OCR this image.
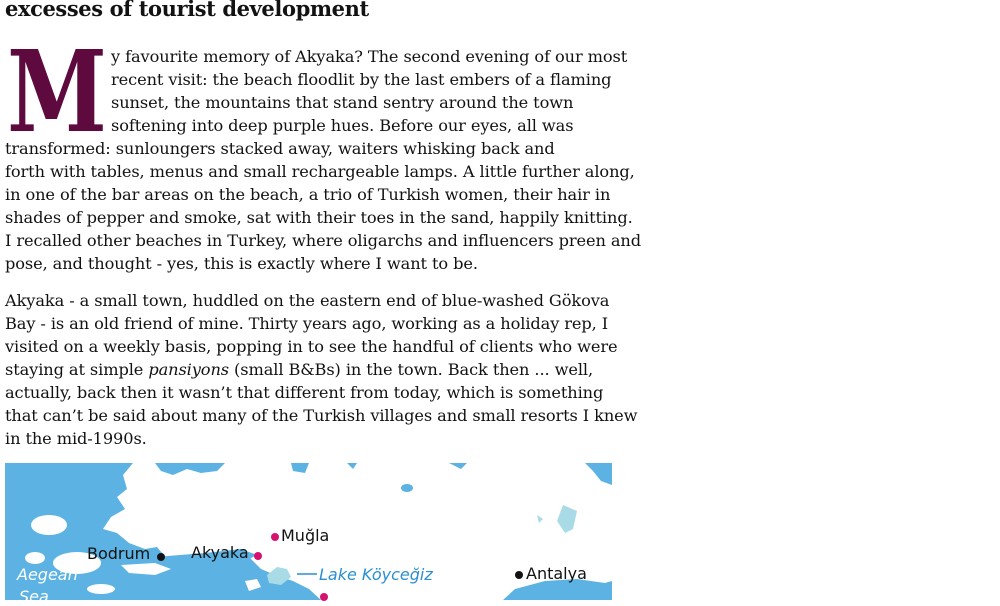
excesses of tourist development
M y favourite memory of Akyaka? The second evening of our most
recent visit: the beach floodlit by the last embers of a flaming
sunset, the mountains that stand sentry around the town
softening into deep purple hues. Before our eyes, all was
transformed: sunloungers stacked away, waiters whisking back and
forth with tables, menus and small rechargeable lamps. A little further along,
in one of the bar areas on the beach, a trio of Turkish women, their hair in
shades of pepper and smoke, sat with their toes in the sand, happily knitting.
I recalled other beaches in Turkey, where oligarchs and influencers preen and
pose, and thought - yes, this is exactly where I want to be.
Akyaka - a small town, huddled on the eastern end of blue-washed Gökova
Bay - is an old friend of mine. Thirty years ago, working as a holiday rep, I
visited on a weekly basis, popping in to see the handful of clients who were
staying at simple pansiyons (small B&Bs) in the town. Back then ... well,
actually, back then it wasn’t that different from today, which is something
that can’t be said about many of the Turkish villages and small resorts I knew
in the mid-1990s.
Bodrum	Akyaka
Muğla
Lake Köyceğiz	Antalya
Aegean
Sea
